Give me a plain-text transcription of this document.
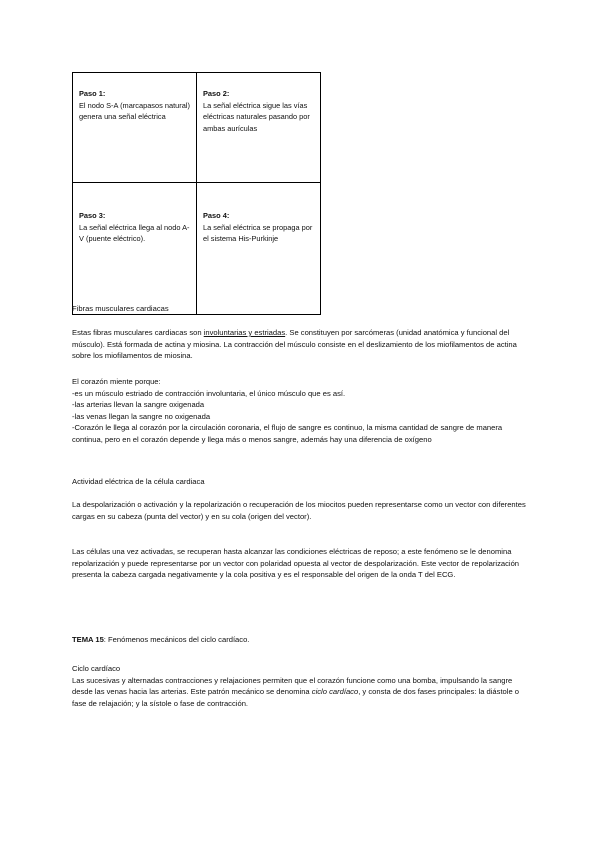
Paso 1:
El nodo S-A (marcapasos natural) genera una señal eléctrica	Paso 2:
La señal eléctrica sigue las vías eléctricas naturales pasando por ambas aurículas

Paso 3:
La señal eléctrica llega al nodo A-V (puente eléctrico).	Paso 4:
La señal eléctrica se propaga por el sistema His-Purkinje

Fibras musculares cardiacas

Estas fibras musculares cardiacas son involuntarias y estriadas. Se constituyen por sarcómeras (unidad anatómica y funcional del músculo). Está formada de actina y miosina. La contracción del músculo consiste en el deslizamiento de los miofilamentos de actina sobre los miofilamentos de miosina.

El corazón miente porque:

-es un músculo estriado de contracción involuntaria, el único músculo que es así.

-las arterias llevan la sangre oxigenada

-las venas llegan la sangre no oxigenada

-Corazón le llega al corazón por la circulación coronaria, el flujo de sangre es continuo, la misma cantidad de sangre de manera continua, pero en el corazón depende y llega más o menos sangre, además hay una diferencia de oxígeno

Actividad eléctrica de la célula cardiaca

La despolarización o activación y la repolarización o recuperación de los miocitos pueden representarse como un vector con diferentes cargas en su cabeza (punta del vector) y en su cola (origen del vector).

Las células una vez activadas, se recuperan hasta alcanzar las condiciones eléctricas de reposo; a este fenómeno se le denomina repolarización y puede representarse por un vector con polaridad opuesta al vector de despolarización. Este vector de repolarización presenta la cabeza cargada negativamente y la cola positiva y es el responsable del origen de la onda T del ECG.

TEMA 15: Fenómenos mecánicos del ciclo cardíaco.

Ciclo cardíaco

Las sucesivas y alternadas contracciones y relajaciones permiten que el corazón funcione como una bomba, impulsando la sangre desde las venas hacia las arterias. Este patrón mecánico se denomina ciclo cardíaco, y consta de dos fases principales: la diástole o fase de relajación; y la sístole o fase de contracción.
